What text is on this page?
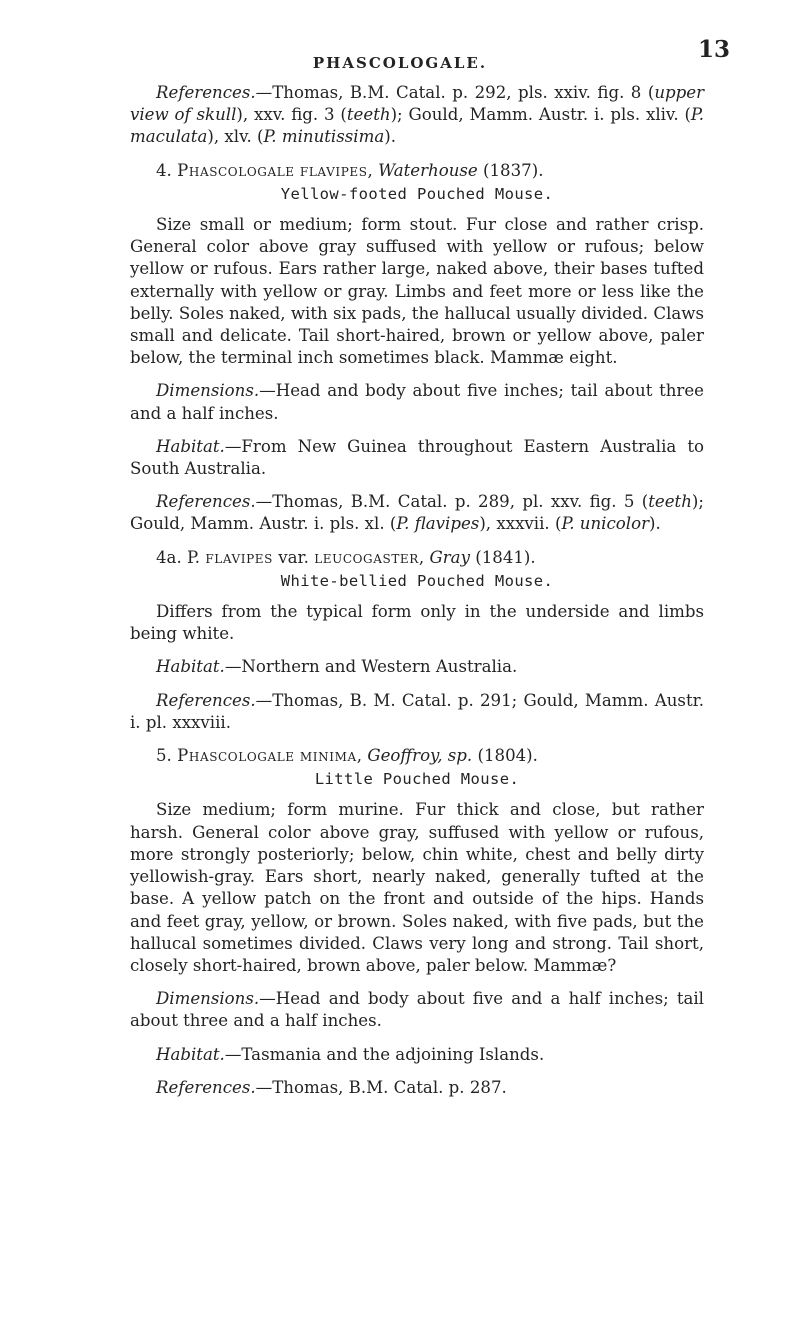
PHASCOLOGALE.	13

References.—Thomas, B.M. Catal. p. 292, pls. xxiv. fig. 8 (upper view of skull), xxv. fig. 3 (teeth); Gould, Mamm. Austr. i. pls. xliv. (P. maculata), xlv. (P. minutissima).

4. Phascologale flavipes, Waterhouse (1837).

Yellow-footed Pouched Mouse.

Size small or medium; form stout. Fur close and rather crisp. General color above gray suffused with yellow or rufous; below yellow or rufous. Ears rather large, naked above, their bases tufted externally with yellow or gray. Limbs and feet more or less like the belly. Soles naked, with six pads, the hallucal usually divided. Claws small and delicate. Tail short-haired, brown or yellow above, paler below, the terminal inch sometimes black. Mammæ eight.

Dimensions.—Head and body about five inches; tail about three and a half inches.

Habitat.—From New Guinea throughout Eastern Australia to South Australia.

References.—Thomas, B.M. Catal. p. 289, pl. xxv. fig. 5 (teeth); Gould, Mamm. Austr. i. pls. xl. (P. flavipes), xxxvii. (P. unicolor).

4a. P. flavipes var. leucogaster, Gray (1841).

White-bellied Pouched Mouse.

Differs from the typical form only in the underside and limbs being white.

Habitat.—Northern and Western Australia.

References.—Thomas, B. M. Catal. p. 291; Gould, Mamm. Austr. i. pl. xxxviii.

5. Phascologale minima, Geoffroy, sp. (1804).

Little Pouched Mouse.

Size medium; form murine. Fur thick and close, but rather harsh. General color above gray, suffused with yellow or rufous, more strongly posteriorly; below, chin white, chest and belly dirty yellowish-gray. Ears short, nearly naked, generally tufted at the base. A yellow patch on the front and outside of the hips. Hands and feet gray, yellow, or brown. Soles naked, with five pads, but the hallucal sometimes divided. Claws very long and strong. Tail short, closely short-haired, brown above, paler below. Mammæ?

Dimensions.—Head and body about five and a half inches; tail about three and a half inches.

Habitat.—Tasmania and the adjoining Islands.

References.—Thomas, B.M. Catal. p. 287.
